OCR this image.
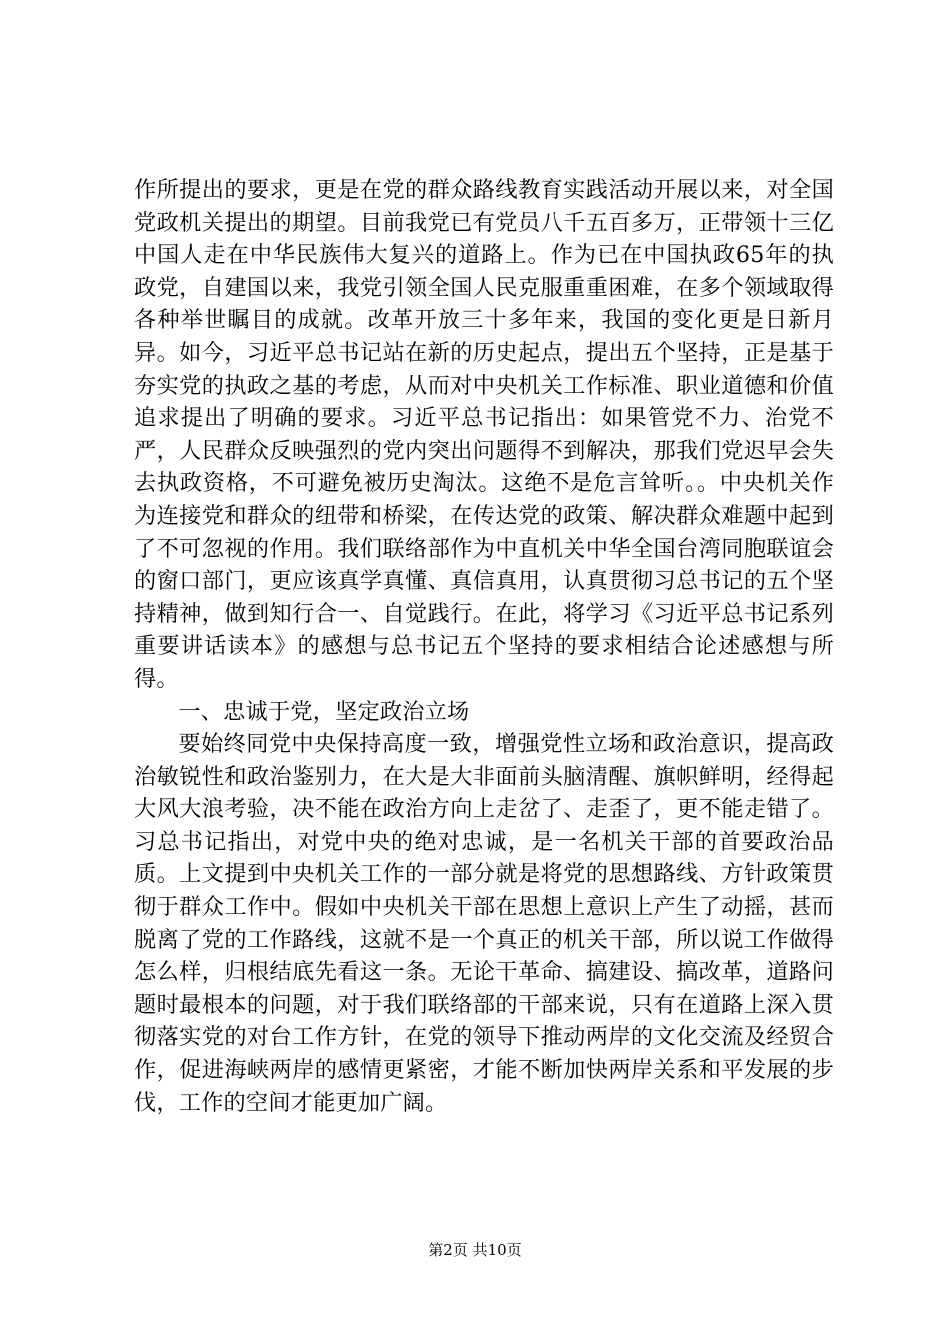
作所提出的要求，更是在党的群众路线教育实践活动开展以来，对全国党政机关提出的期望。目前我党已有党员八千五百多万，正带领十三亿中国人走在中华民族伟大复兴的道路上。作为已在中国执政65年的执政党，自建国以来，我党引领全国人民克服重重困难，在多个领域取得各种举世瞩目的成就。改革开放三十多年来，我国的变化更是日新月异。如今，习近平总书记站在新的历史起点，提出五个坚持，正是基于夯实党的执政之基的考虑，从而对中央机关工作标准、职业道德和价值追求提出了明确的要求。习近平总书记指出：如果管党不力、治党不严，人民群众反映强烈的党内突出问题得不到解决，那我们党迟早会失去执政资格，不可避免被历史淘汰。这绝不是危言耸听。。中央机关作为连接党和群众的纽带和桥梁，在传达党的政策、解决群众难题中起到了不可忽视的作用。我们联络部作为中直机关中华全国台湾同胞联谊会的窗口部门，更应该真学真懂、真信真用，认真贯彻习总书记的五个坚持精神，做到知行合一、自觉践行。在此，将学习《习近平总书记系列重要讲话读本》的感想与总书记五个坚持的要求相结合论述感想与所得。

一、忠诚于党，坚定政治立场

要始终同党中央保持高度一致，增强党性立场和政治意识，提高政治敏锐性和政治鉴别力，在大是大非面前头脑清醒、旗帜鲜明，经得起大风大浪考验，决不能在政治方向上走岔了、走歪了，更不能走错了。习总书记指出，对党中央的绝对忠诚，是一名机关干部的首要政治品质。上文提到中央机关工作的一部分就是将党的思想路线、方针政策贯彻于群众工作中。假如中央机关干部在思想上意识上产生了动摇，甚而脱离了党的工作路线，这就不是一个真正的机关干部，所以说工作做得怎么样，归根结底先看这一条。无论干革命、搞建设、搞改革，道路问题时最根本的问题，对于我们联络部的干部来说，只有在道路上深入贯彻落实党的对台工作方针，在党的领导下推动两岸的文化交流及经贸合作，促进海峡两岸的感情更紧密，才能不断加快两岸关系和平发展的步伐，工作的空间才能更加广阔。

第2页 共10页
